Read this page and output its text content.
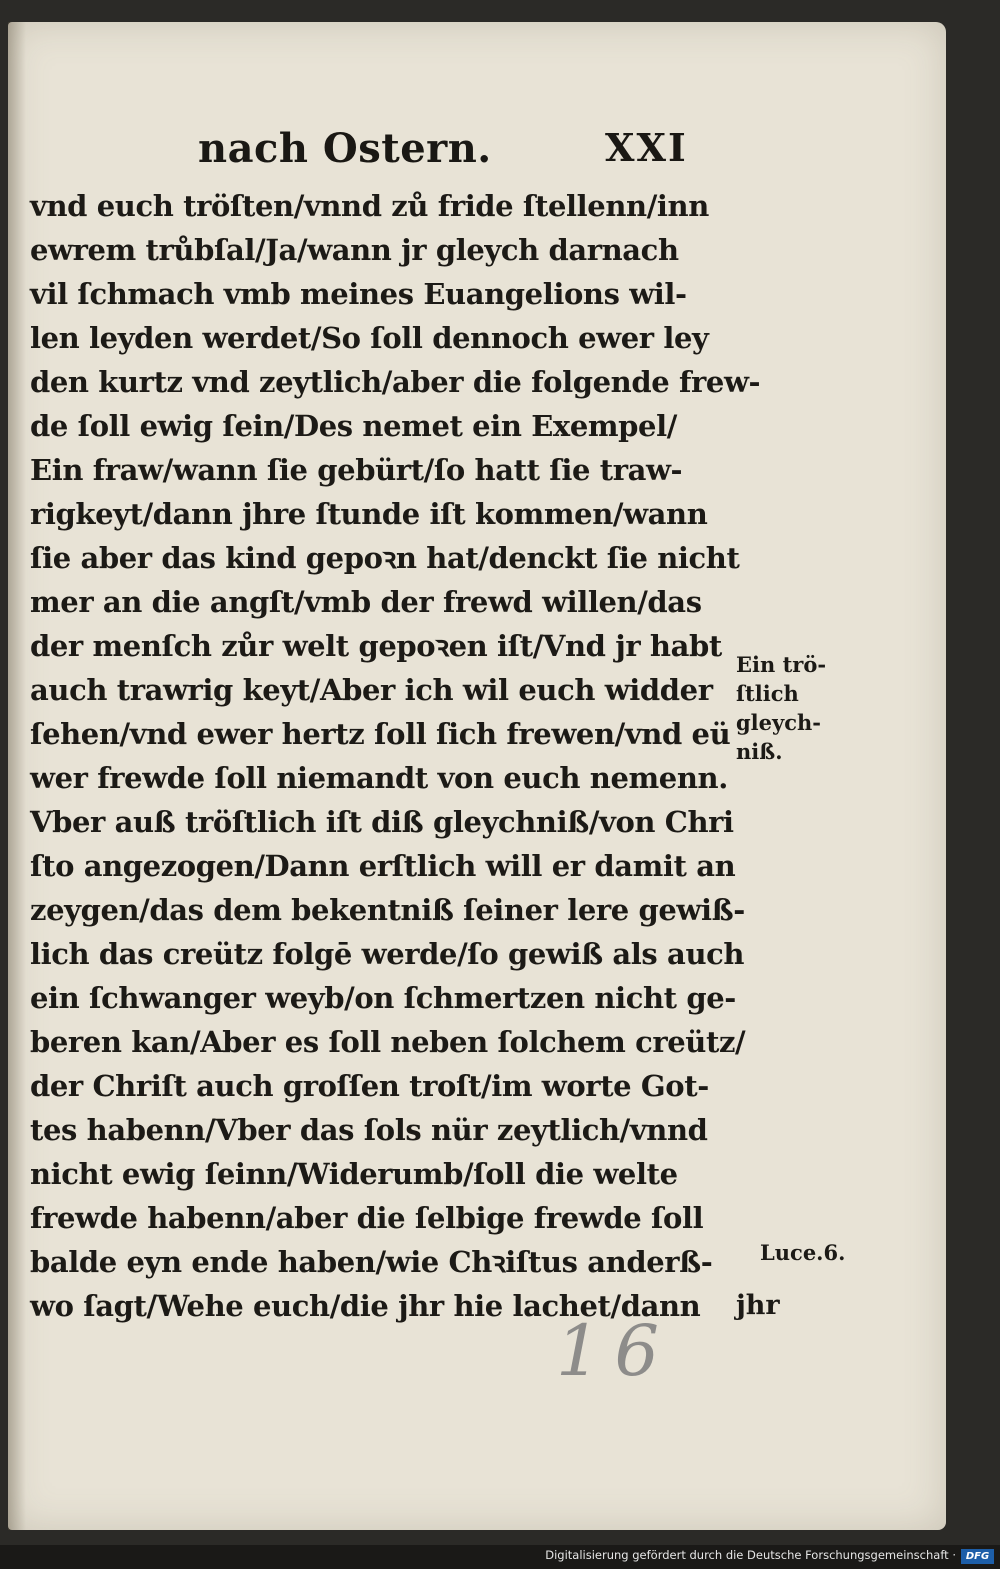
nach Ostern.	XXI
vnd euch tröſten/vnnd zů fride ſtellenn/inn
ewrem trůbſal/Ja/wann jr gleych darnach
vil ſchmach vmb meines Euangelions wil-
len leyden werdet/So ſoll dennoch ewer ley
den kurtz vnd zeytlich/aber die folgende frew-
de ſoll ewig ſein/Des nemet ein Exempel/
Ein fraw/wann ſie gebürt/ſo hatt ſie traw-
rigkeyt/dann jhre ſtunde iſt kommen/wann
ſie aber das kind gepoꝛn hat/denckt ſie nicht
mer an die angſt/vmb der frewd willen/das
der menſch zůr welt gepoꝛen iſt/Vnd jr habt
auch trawrig keyt/Aber ich wil euch widder
ſehen/vnd ewer hertz ſoll ſich frewen/vnd eü
wer frewde ſoll niemandt von euch nemenn.
Vber auß tröſtlich iſt diß gleychniß/von Chri
ſto angezogen/Dann erſtlich will er damit an
zeygen/das dem bekentniß ſeiner lere gewiß-
lich das creütz folgē werde/ſo gewiß als auch
ein ſchwanger weyb/on ſchmertzen nicht ge-
beren kan/Aber es ſoll neben ſolchem creütz/
der Chriſt auch groſſen troſt/im worte Got-
tes habenn/Vber das ſols nür zeytlich/vnnd
nicht ewig ſeinn/Widerumb/ſoll die welte
frewde habenn/aber die ſelbige frewde ſoll
balde eyn ende haben/wie Chꝛiſtus anderß-
wo ſagt/Wehe euch/die jhr hie lachet/dann	jhr
Ein trö-
ſtlich
gleych-
niß.
Luce.6.
16
Digitalisierung gefördert durch die Deutsche Forschungsgemeinschaft · DFG
